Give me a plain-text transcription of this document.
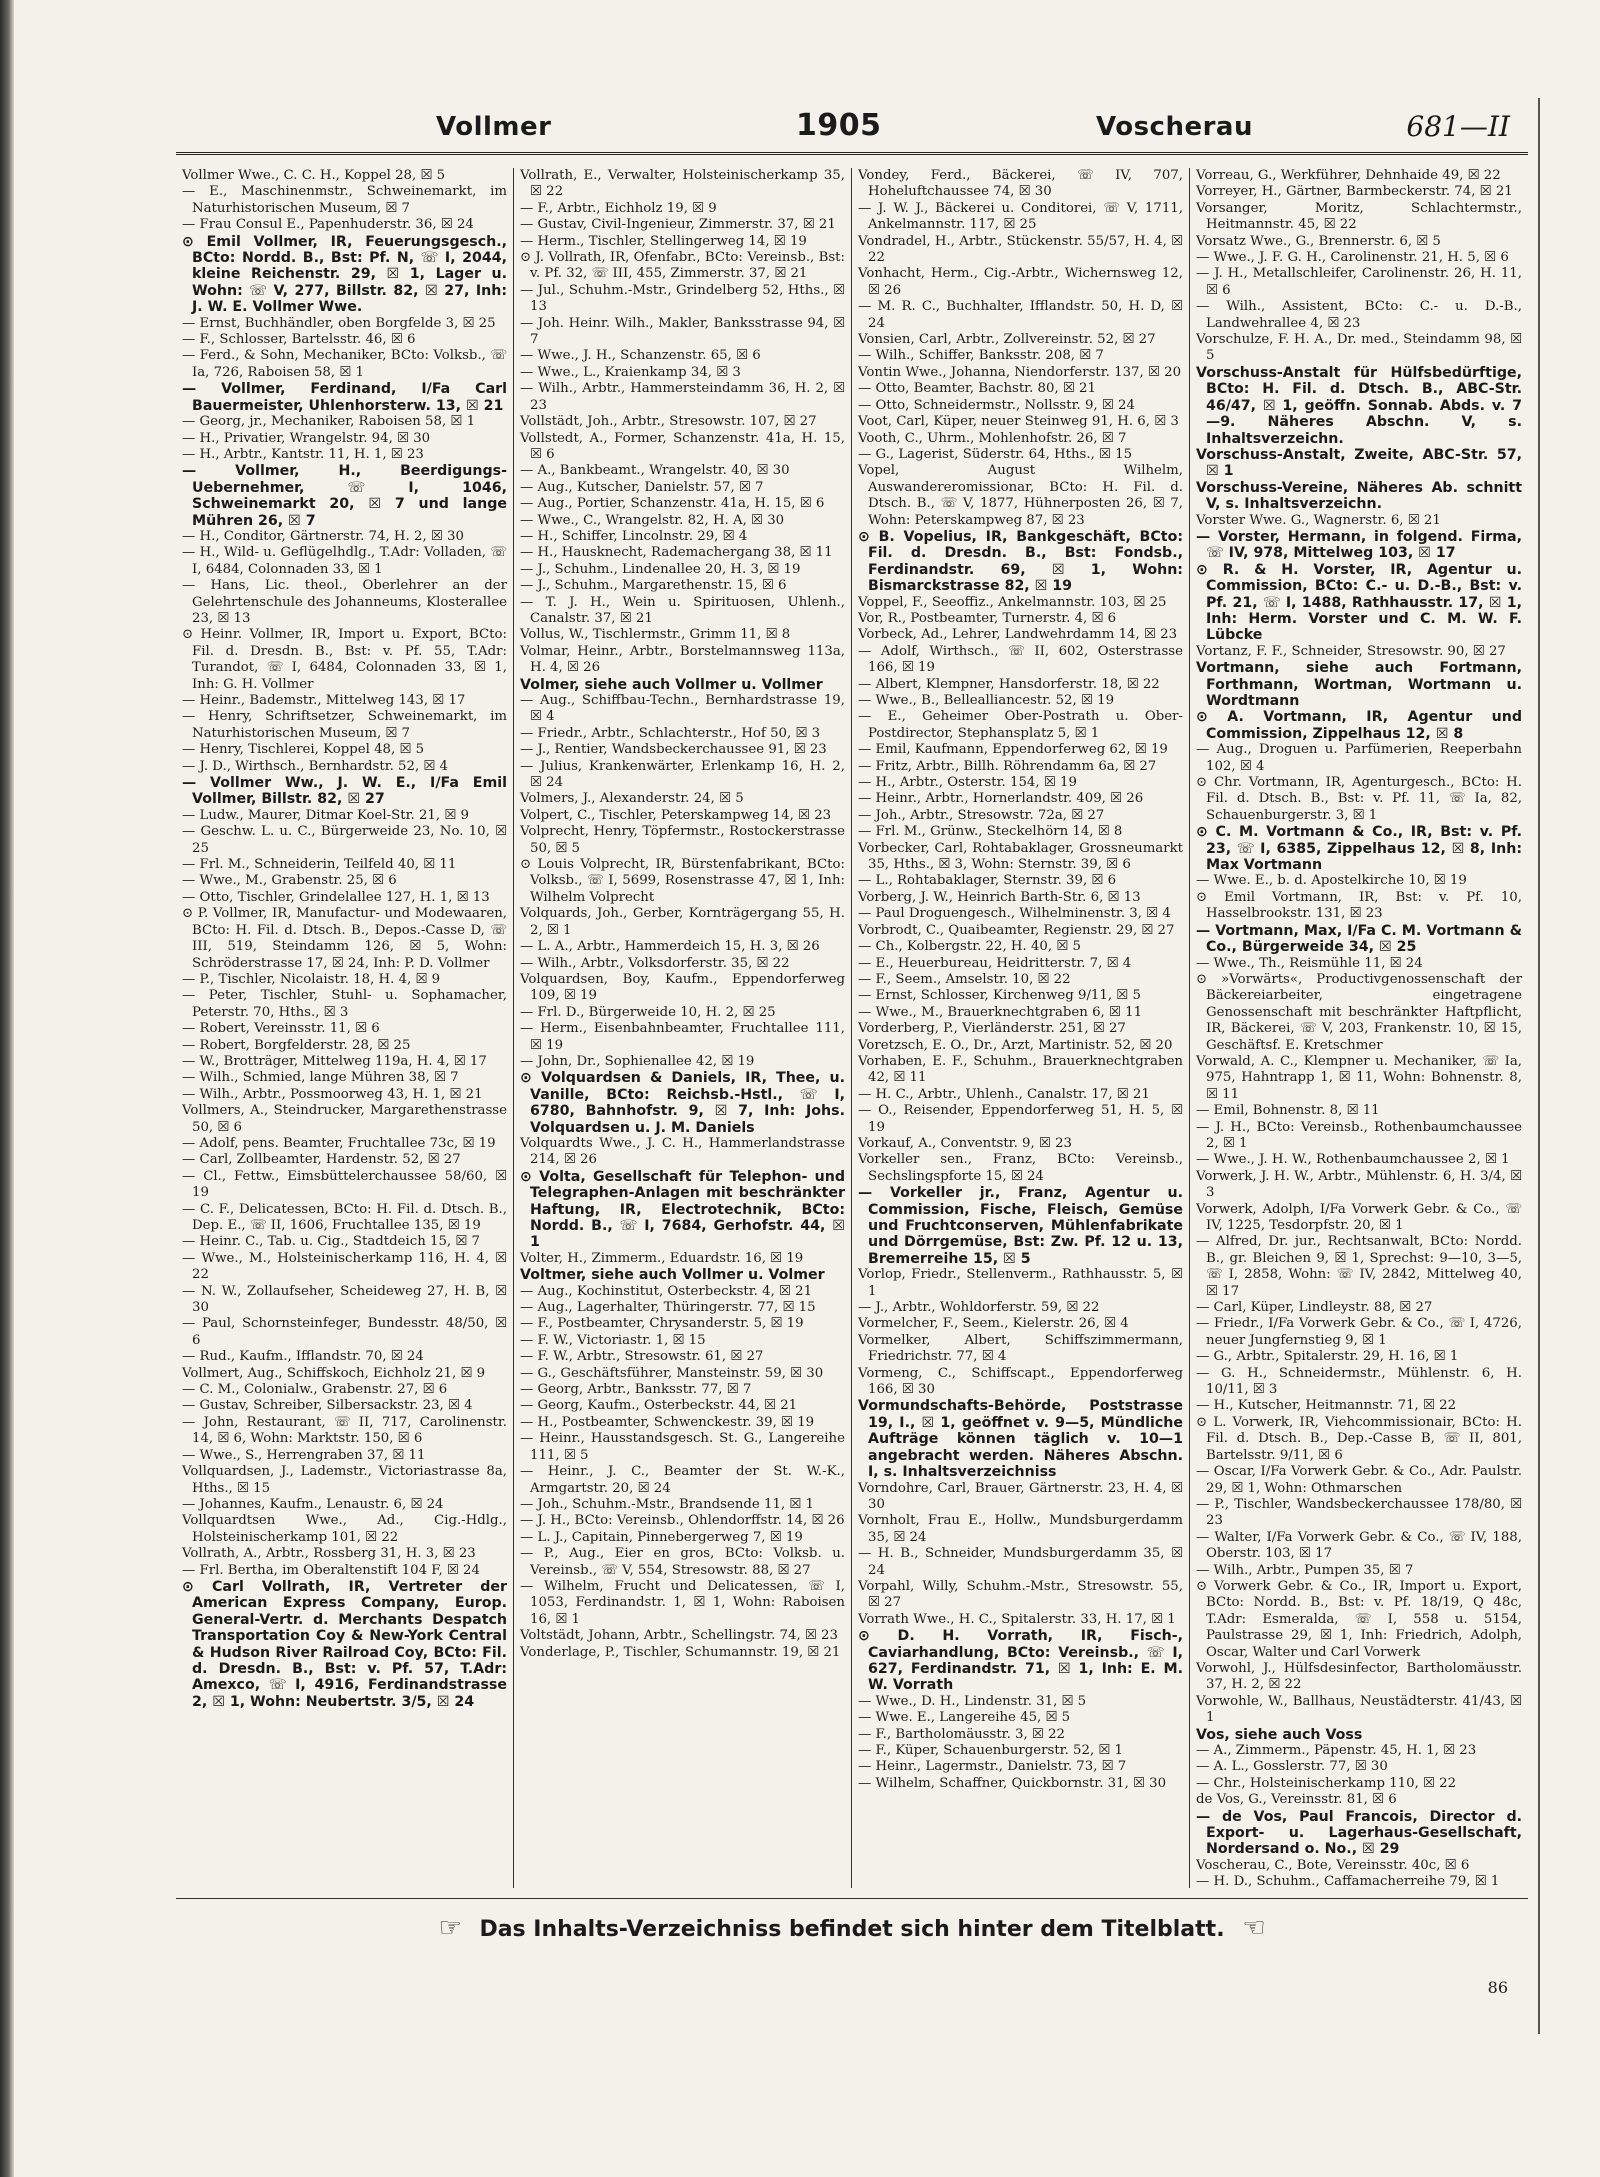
Vollmer	1905	Voscherau	681—II

Vollmer Wwe., C. C. H., Koppel 28, ☒ 5

— E., Maschinenmstr., Schweinemarkt, im Naturhistorischen Museum, ☒ 7

— Frau Consul E., Papenhuderstr. 36, ☒ 24

⊙ Emil Vollmer, IR, Feuerungsgesch., BCto: Nordd. B., Bst: Pf. N, ☏ I, 2044, kleine Reichenstr. 29, ☒ 1, Lager u. Wohn: ☏ V, 277, Billstr. 82, ☒ 27, Inh: J. W. E. Vollmer Wwe.

— Ernst, Buchhändler, oben Borgfelde 3, ☒ 25

— F., Schlosser, Bartelsstr. 46, ☒ 6

— Ferd., & Sohn, Mechaniker, BCto: Volksb., ☏ Ia, 726, Raboisen 58, ☒ 1

— Vollmer, Ferdinand, I/Fa Carl Bauermeister, Uhlenhorsterw. 13, ☒ 21

— Georg, jr., Mechaniker, Raboisen 58, ☒ 1

— H., Privatier, Wrangelstr. 94, ☒ 30

— H., Arbtr., Kantstr. 11, H. 1, ☒ 23

— Vollmer, H., Beerdigungs-Uebernehmer, ☏ I, 1046, Schweinemarkt 20, ☒ 7 und lange Mühren 26, ☒ 7

— H., Conditor, Gärtnerstr. 74, H. 2, ☒ 30

— H., Wild- u. Geflügelhdlg., T.Adr: Volladen, ☏ I, 6484, Colonnaden 33, ☒ 1

— Hans, Lic. theol., Oberlehrer an der Gelehrtenschule des Johanneums, Klosterallee 23, ☒ 13

⊙ Heinr. Vollmer, IR, Import u. Export, BCto: Fil. d. Dresdn. B., Bst: v. Pf. 55, T.Adr: Turandot, ☏ I, 6484, Colonnaden 33, ☒ 1, Inh: G. H. Vollmer

— Heinr., Bademstr., Mittelweg 143, ☒ 17

— Henry, Schriftsetzer, Schweinemarkt, im Naturhistorischen Museum, ☒ 7

— Henry, Tischlerei, Koppel 48, ☒ 5

— J. D., Wirthsch., Bernhardstr. 52, ☒ 4

— Vollmer Ww., J. W. E., I/Fa Emil Vollmer, Billstr. 82, ☒ 27

— Ludw., Maurer, Ditmar Koel-Str. 21, ☒ 9

— Geschw. L. u. C., Bürgerweide 23, No. 10, ☒ 25

— Frl. M., Schneiderin, Teilfeld 40, ☒ 11

— Wwe., M., Grabenstr. 25, ☒ 6

— Otto, Tischler, Grindelallee 127, H. 1, ☒ 13

⊙ P. Vollmer, IR, Manufactur- und Modewaaren, BCto: H. Fil. d. Dtsch. B., Depos.-Casse D, ☏ III, 519, Steindamm 126, ☒ 5, Wohn: Schröderstrasse 17, ☒ 24, Inh: P. D. Vollmer

— P., Tischler, Nicolaistr. 18, H. 4, ☒ 9

— Peter, Tischler, Stuhl- u. Sophamacher, Peterstr. 70, Hths., ☒ 3

— Robert, Vereinsstr. 11, ☒ 6

— Robert, Borgfelderstr. 28, ☒ 25

— W., Brotträger, Mittelweg 119a, H. 4, ☒ 17

— Wilh., Schmied, lange Mühren 38, ☒ 7

— Wilh., Arbtr., Possmoorweg 43, H. 1, ☒ 21

Vollmers, A., Steindrucker, Margarethenstrasse 50, ☒ 6

— Adolf, pens. Beamter, Fruchtallee 73c, ☒ 19

— Carl, Zollbeamter, Hardenstr. 52, ☒ 27

— Cl., Fettw., Eimsbüttelerchaussee 58/60, ☒ 19

— C. F., Delicatessen, BCto: H. Fil. d. Dtsch. B., Dep. E., ☏ II, 1606, Fruchtallee 135, ☒ 19

— Heinr. C., Tab. u. Cig., Stadtdeich 15, ☒ 7

— Wwe., M., Holsteinischerkamp 116, H. 4, ☒ 22

— N. W., Zollaufseher, Scheideweg 27, H. B, ☒ 30

— Paul, Schornsteinfeger, Bundesstr. 48/50, ☒ 6

— Rud., Kaufm., Ifflandstr. 70, ☒ 24

Vollmert, Aug., Schiffskoch, Eichholz 21, ☒ 9

— C. M., Colonialw., Grabenstr. 27, ☒ 6

— Gustav, Schreiber, Silbersackstr. 23, ☒ 4

— John, Restaurant, ☏ II, 717, Carolinenstr. 14, ☒ 6, Wohn: Marktstr. 150, ☒ 6

— Wwe., S., Herrengraben 37, ☒ 11

Vollquardsen, J., Lademstr., Victoriastrasse 8a, Hths., ☒ 15

— Johannes, Kaufm., Lenaustr. 6, ☒ 24

Vollquardtsen Wwe., Ad., Cig.-Hdlg., Holsteinischerkamp 101, ☒ 22

Vollrath, A., Arbtr., Rossberg 31, H. 3, ☒ 23

— Frl. Bertha, im Oberaltenstift 104 F, ☒ 24

⊙ Carl Vollrath, IR, Vertreter der American Express Company, Europ. General-Vertr. d. Merchants Despatch Transportation Coy & New-York Central & Hudson River Railroad Coy, BCto: Fil. d. Dresdn. B., Bst: v. Pf. 57, T.Adr: Amexco, ☏ I, 4916, Ferdinandstrasse 2, ☒ 1, Wohn: Neubertstr. 3/5, ☒ 24

Vollrath, E., Verwalter, Holsteinischerkamp 35, ☒ 22

— F., Arbtr., Eichholz 19, ☒ 9

— Gustav, Civil-Ingenieur, Zimmerstr. 37, ☒ 21

— Herm., Tischler, Stellingerweg 14, ☒ 19

⊙ J. Vollrath, IR, Ofenfabr., BCto: Vereinsb., Bst: v. Pf. 32, ☏ III, 455, Zimmerstr. 37, ☒ 21

— Jul., Schuhm.-Mstr., Grindelberg 52, Hths., ☒ 13

— Joh. Heinr. Wilh., Makler, Banksstrasse 94, ☒ 7

— Wwe., J. H., Schanzenstr. 65, ☒ 6

— Wwe., L., Kraienkamp 34, ☒ 3

— Wilh., Arbtr., Hammersteindamm 36, H. 2, ☒ 23

Vollstädt, Joh., Arbtr., Stresowstr. 107, ☒ 27

Vollstedt, A., Former, Schanzenstr. 41a, H. 15, ☒ 6

— A., Bankbeamt., Wrangelstr. 40, ☒ 30

— Aug., Kutscher, Danielstr. 57, ☒ 7

— Aug., Portier, Schanzenstr. 41a, H. 15, ☒ 6

— Wwe., C., Wrangelstr. 82, H. A, ☒ 30

— H., Schiffer, Lincolnstr. 29, ☒ 4

— H., Hausknecht, Rademachergang 38, ☒ 11

— J., Schuhm., Lindenallee 20, H. 3, ☒ 19

— J., Schuhm., Margarethenstr. 15, ☒ 6

— T. J. H., Wein u. Spirituosen, Uhlenh., Canalstr. 37, ☒ 21

Vollus, W., Tischlermstr., Grimm 11, ☒ 8

Volmar, Heinr., Arbtr., Borstelmannsweg 113a, H. 4, ☒ 26

Volmer, siehe auch Vollmer u. Vollmer

— Aug., Schiffbau-Techn., Bernhardstrasse 19, ☒ 4

— Friedr., Arbtr., Schlachterstr., Hof 50, ☒ 3

— J., Rentier, Wandsbeckerchaussee 91, ☒ 23

— Julius, Krankenwärter, Erlenkamp 16, H. 2, ☒ 24

Volmers, J., Alexanderstr. 24, ☒ 5

Volpert, C., Tischler, Peterskampweg 14, ☒ 23

Volprecht, Henry, Töpfermstr., Rostockerstrasse 50, ☒ 5

⊙ Louis Volprecht, IR, Bürstenfabrikant, BCto: Volksb., ☏ I, 5699, Rosenstrasse 47, ☒ 1, Inh: Wilhelm Volprecht

Volquards, Joh., Gerber, Kornträgergang 55, H. 2, ☒ 1

— L. A., Arbtr., Hammerdeich 15, H. 3, ☒ 26

— Wilh., Arbtr., Volksdorferstr. 35, ☒ 22

Volquardsen, Boy, Kaufm., Eppendorferweg 109, ☒ 19

— Frl. D., Bürgerweide 10, H. 2, ☒ 25

— Herm., Eisenbahnbeamter, Fruchtallee 111, ☒ 19

— John, Dr., Sophienallee 42, ☒ 19

⊙ Volquardsen & Daniels, IR, Thee, u. Vanille, BCto: Reichsb.-Hstl., ☏ I, 6780, Bahnhofstr. 9, ☒ 7, Inh: Johs. Volquardsen u. J. M. Daniels

Volquardts Wwe., J. C. H., Hammerlandstrasse 214, ☒ 26

⊙ Volta, Gesellschaft für Telephon- und Telegraphen-Anlagen mit beschränkter Haftung, IR, Electrotechnik, BCto: Nordd. B., ☏ I, 7684, Gerhofstr. 44, ☒ 1

Volter, H., Zimmerm., Eduardstr. 16, ☒ 19

Voltmer, siehe auch Vollmer u. Volmer

— Aug., Kochinstitut, Osterbeckstr. 4, ☒ 21

— Aug., Lagerhalter, Thüringerstr. 77, ☒ 15

— F., Postbeamter, Chrysanderstr. 5, ☒ 19

— F. W., Victoriastr. 1, ☒ 15

— F. W., Arbtr., Stresowstr. 61, ☒ 27

— G., Geschäftsführer, Mansteinstr. 59, ☒ 30

— Georg, Arbtr., Banksstr. 77, ☒ 7

— Georg, Kaufm., Osterbeckstr. 44, ☒ 21

— H., Postbeamter, Schwenckestr. 39, ☒ 19

— Heinr., Hausstandsgesch. St. G., Langereihe 111, ☒ 5

— Heinr., J. C., Beamter der St. W.-K., Armgartstr. 20, ☒ 24

— Joh., Schuhm.-Mstr., Brandsende 11, ☒ 1

— J. H., BCto: Vereinsb., Ohlendorffstr. 14, ☒ 26

— L. J., Capitain, Pinnebergerweg 7, ☒ 19

— P., Aug., Eier en gros, BCto: Volksb. u. Vereinsb., ☏ V, 554, Stresowstr. 88, ☒ 27

— Wilhelm, Frucht und Delicatessen, ☏ I, 1053, Ferdinandstr. 1, ☒ 1, Wohn: Raboisen 16, ☒ 1

Voltstädt, Johann, Arbtr., Schellingstr. 74, ☒ 23

Vonderlage, P., Tischler, Schumannstr. 19, ☒ 21

Vondey, Ferd., Bäckerei, ☏ IV, 707, Hoheluftchaussee 74, ☒ 30

— J. W. J., Bäckerei u. Conditorei, ☏ V, 1711, Ankelmannstr. 117, ☒ 25

Vondradel, H., Arbtr., Stückenstr. 55/57, H. 4, ☒ 22

Vonhacht, Herm., Cig.-Arbtr., Wichernsweg 12, ☒ 26

— M. R. C., Buchhalter, Ifflandstr. 50, H. D, ☒ 24

Vonsien, Carl, Arbtr., Zollvereinstr. 52, ☒ 27

— Wilh., Schiffer, Banksstr. 208, ☒ 7

Vontin Wwe., Johanna, Niendorferstr. 137, ☒ 20

— Otto, Beamter, Bachstr. 80, ☒ 21

— Otto, Schneidermstr., Nollsstr. 9, ☒ 24

Voot, Carl, Küper, neuer Steinweg 91, H. 6, ☒ 3

Vooth, C., Uhrm., Mohlenhofstr. 26, ☒ 7

— G., Lagerist, Süderstr. 64, Hths., ☒ 15

Vopel, August Wilhelm, Auswandereromissionar, BCto: H. Fil. d. Dtsch. B., ☏ V, 1877, Hühnerposten 26, ☒ 7, Wohn: Peterskampweg 87, ☒ 23

⊙ B. Vopelius, IR, Bankgeschäft, BCto: Fil. d. Dresdn. B., Bst: Fondsb., Ferdinandstr. 69, ☒ 1, Wohn: Bismarckstrasse 82, ☒ 19

Voppel, F., Seeoffiz., Ankelmannstr. 103, ☒ 25

Vor, R., Postbeamter, Turnerstr. 4, ☒ 6

Vorbeck, Ad., Lehrer, Landwehrdamm 14, ☒ 23

— Adolf, Wirthsch., ☏ II, 602, Osterstrasse 166, ☒ 19

— Albert, Klempner, Hansdorferstr. 18, ☒ 22

— Wwe., B., Belleallianсestr. 52, ☒ 19

— E., Geheimer Ober-Postrath u. Ober-Postdirector, Stephansplatz 5, ☒ 1

— Emil, Kaufmann, Eppendorferweg 62, ☒ 19

— Fritz, Arbtr., Billh. Röhrendamm 6a, ☒ 27

— H., Arbtr., Osterstr. 154, ☒ 19

— Heinr., Arbtr., Hornerlandstr. 409, ☒ 26

— Joh., Arbtr., Stresowstr. 72a, ☒ 27

— Frl. M., Grünw., Steckelhörn 14, ☒ 8

Vorbecker, Carl, Rohtabaklager, Grossneumarkt 35, Hths., ☒ 3, Wohn: Sternstr. 39, ☒ 6

— L., Rohtabaklager, Sternstr. 39, ☒ 6

Vorberg, J. W., Heinrich Barth-Str. 6, ☒ 13

— Paul Droguengesch., Wilhelminenstr. 3, ☒ 4

Vorbrodt, C., Quaibeamter, Regienstr. 29, ☒ 27

— Ch., Kolbergstr. 22, H. 40, ☒ 5

— E., Heuerbureau, Heidritterstr. 7, ☒ 4

— F., Seem., Amselstr. 10, ☒ 22

— Ernst, Schlosser, Kirchenweg 9/11, ☒ 5

— Wwe., M., Brauerknechtgraben 6, ☒ 11

Vorderberg, P., Vierländerstr. 251, ☒ 27

Voretzsch, E. O., Dr., Arzt, Martinistr. 52, ☒ 20

Vorhaben, E. F., Schuhm., Brauerknechtgraben 42, ☒ 11

— H. C., Arbtr., Uhlenh., Canalstr. 17, ☒ 21

— O., Reisender, Eppendorferweg 51, H. 5, ☒ 19

Vorkauf, A., Conventstr. 9, ☒ 23

Vorkeller sen., Franz, BCto: Vereinsb., Sechslingspforte 15, ☒ 24

— Vorkeller jr., Franz, Agentur u. Commission, Fische, Fleisch, Gemüse und Fruchtconserven, Mühlenfabrikate und Dörrgemüse, Bst: Zw. Pf. 12 u. 13, Bremerreihe 15, ☒ 5

Vorlop, Friedr., Stellenverm., Rathhausstr. 5, ☒ 1

— J., Arbtr., Wohldorferstr. 59, ☒ 22

Vormelcher, F., Seem., Kielerstr. 26, ☒ 4

Vormelker, Albert, Schiffszimmermann, Friedrichstr. 77, ☒ 4

Vormeng, C., Schiffscapt., Eppendorferweg 166, ☒ 30

Vormundschafts-Behörde, Poststrasse 19, I., ☒ 1, geöffnet v. 9—5, Mündliche Aufträge können täglich v. 10—1 angebracht werden. Näheres Abschn. I, s. Inhaltsverzeichniss

Vorndohre, Carl, Brauer, Gärtnerstr. 23, H. 4, ☒ 30

Vornholt, Frau E., Hollw., Mundsburgerdamm 35, ☒ 24

— H. B., Schneider, Mundsburgerdamm 35, ☒ 24

Vorpahl, Willy, Schuhm.-Mstr., Stresowstr. 55, ☒ 27

Vorrath Wwe., H. C., Spitalerstr. 33, H. 17, ☒ 1

⊙ D. H. Vorrath, IR, Fisch-, Caviarhandlung, BCto: Vereinsb., ☏ I, 627, Ferdinandstr. 71, ☒ 1, Inh: E. M. W. Vorrath

— Wwe., D. H., Lindenstr. 31, ☒ 5

— Wwe. E., Langereihe 45, ☒ 5

— F., Bartholomäusstr. 3, ☒ 22

— F., Küper, Schauenburgerstr. 52, ☒ 1

— Heinr., Lagermstr., Danielstr. 73, ☒ 7

— Wilhelm, Schaffner, Quickbornstr. 31, ☒ 30

Vorreau, G., Werkführer, Dehnhaide 49, ☒ 22

Vorreyer, H., Gärtner, Barmbeckerstr. 74, ☒ 21

Vorsanger, Moritz, Schlachtermstr., Heitmannstr. 45, ☒ 22

Vorsatz Wwe., G., Brennerstr. 6, ☒ 5

— Wwe., J. F. G. H., Carolinenstr. 21, H. 5, ☒ 6

— J. H., Metallschleifer, Carolinenstr. 26, H. 11, ☒ 6

— Wilh., Assistent, BCto: C.- u. D.-B., Landwehrallee 4, ☒ 23

Vorschulze, F. H. A., Dr. med., Steindamm 98, ☒ 5

Vorschuss-Anstalt für Hülfsbedürftige, BCto: H. Fil. d. Dtsch. B., ABC-Str. 46/47, ☒ 1, geöffn. Sonnab. Abds. v. 7—9. Näheres Abschn. V, s. Inhaltsverzeichn.

Vorschuss-Anstalt, Zweite, ABC-Str. 57, ☒ 1

Vorschuss-Vereine, Näheres Ab. schnitt V, s. Inhaltsverzeichn.

Vorster Wwe. G., Wagnerstr. 6, ☒ 21

— Vorster, Hermann, in folgend. Firma, ☏ IV, 978, Mittelweg 103, ☒ 17

⊙ R. & H. Vorster, IR, Agentur u. Commission, BCto: C.- u. D.-B., Bst: v. Pf. 21, ☏ I, 1488, Rathhausstr. 17, ☒ 1, Inh: Herm. Vorster und C. M. W. F. Lübcke

Vortanz, F. F., Schneider, Stresowstr. 90, ☒ 27

Vortmann, siehe auch Fortmann, Forthmann, Wortman, Wortmann u. Wordtmann

⊙ A. Vortmann, IR, Agentur und Commission, Zippelhaus 12, ☒ 8

— Aug., Droguen u. Parfümerien, Reeperbahn 102, ☒ 4

⊙ Chr. Vortmann, IR, Agenturgesch., BCto: H. Fil. d. Dtsch. B., Bst: v. Pf. 11, ☏ Ia, 82, Schauenburgerstr. 3, ☒ 1

⊙ C. M. Vortmann & Co., IR, Bst: v. Pf. 23, ☏ I, 6385, Zippelhaus 12, ☒ 8, Inh: Max Vortmann

— Wwe. E., b. d. Apostelkirche 10, ☒ 19

⊙ Emil Vortmann, IR, Bst: v. Pf. 10, Hasselbrookstr. 131, ☒ 23

— Vortmann, Max, I/Fa C. M. Vortmann & Co., Bürgerweide 34, ☒ 25

— Wwe., Th., Reismühle 11, ☒ 24

⊙ »Vorwärts«, Productivgenossenschaft der Bäckereiarbeiter, eingetragene Genossenschaft mit beschränkter Haftpflicht, IR, Bäckerei, ☏ V, 203, Frankenstr. 10, ☒ 15, Geschäftsf. E. Kretschmer

Vorwald, A. C., Klempner u. Mechaniker, ☏ Ia, 975, Hahntrapp 1, ☒ 11, Wohn: Bohnenstr. 8, ☒ 11

— Emil, Bohnenstr. 8, ☒ 11

— J. H., BCto: Vereinsb., Rothenbaumchaussee 2, ☒ 1

— Wwe., J. H. W., Rothenbaumchaussee 2, ☒ 1

Vorwerk, J. H. W., Arbtr., Mühlenstr. 6, H. 3/4, ☒ 3

Vorwerk, Adolph, I/Fa Vorwerk Gebr. & Co., ☏ IV, 1225, Tesdorpfstr. 20, ☒ 1

— Alfred, Dr. jur., Rechtsanwalt, BCto: Nordd. B., gr. Bleichen 9, ☒ 1, Sprechst: 9—10, 3—5, ☏ I, 2858, Wohn: ☏ IV, 2842, Mittelweg 40, ☒ 17

— Carl, Küper, Lindleystr. 88, ☒ 27

— Friedr., I/Fa Vorwerk Gebr. & Co., ☏ I, 4726, neuer Jungfernstieg 9, ☒ 1

— G., Arbtr., Spitalerstr. 29, H. 16, ☒ 1

— G. H., Schneidermstr., Mühlenstr. 6, H. 10/11, ☒ 3

— H., Kutscher, Heitmannstr. 71, ☒ 22

⊙ L. Vorwerk, IR, Viehcommissionair, BCto: H. Fil. d. Dtsch. B., Dep.-Casse B, ☏ II, 801, Bartelsstr. 9/11, ☒ 6

— Oscar, I/Fa Vorwerk Gebr. & Co., Adr. Paulstr. 29, ☒ 1, Wohn: Othmarschen

— P., Tischler, Wandsbeckerchaussee 178/80, ☒ 23

— Walter, I/Fa Vorwerk Gebr. & Co., ☏ IV, 188, Oberstr. 103, ☒ 17

— Wilh., Arbtr., Pumpen 35, ☒ 7

⊙ Vorwerk Gebr. & Co., IR, Import u. Export, BCto: Nordd. B., Bst: v. Pf. 18/19, Q 48c, T.Adr: Esmeralda, ☏ I, 558 u. 5154, Paulstrasse 29, ☒ 1, Inh: Friedrich, Adolph, Oscar, Walter und Carl Vorwerk

Vorwohl, J., Hülfsdesinfector, Bartholomäusstr. 37, H. 2, ☒ 22

Vorwohle, W., Ballhaus, Neustädterstr. 41/43, ☒ 1

Vos, siehe auch Voss

— A., Zimmerm., Päpenstr. 45, H. 1, ☒ 23

— A. L., Gosslerstr. 77, ☒ 30

— Chr., Holsteinischerkamp 110, ☒ 22

de Vos, G., Vereinsstr. 81, ☒ 6

— de Vos, Paul Francois, Director d. Export- u. Lagerhaus-Gesellschaft, Nordersand o. No., ☒ 29

Voscherau, C., Bote, Vereinsstr. 40c, ☒ 6

— H. D., Schuhm., Caffamacherreihe 79, ☒ 1

☞ Das Inhalts-Verzeichniss befindet sich hinter dem Titelblatt. ☜
86
